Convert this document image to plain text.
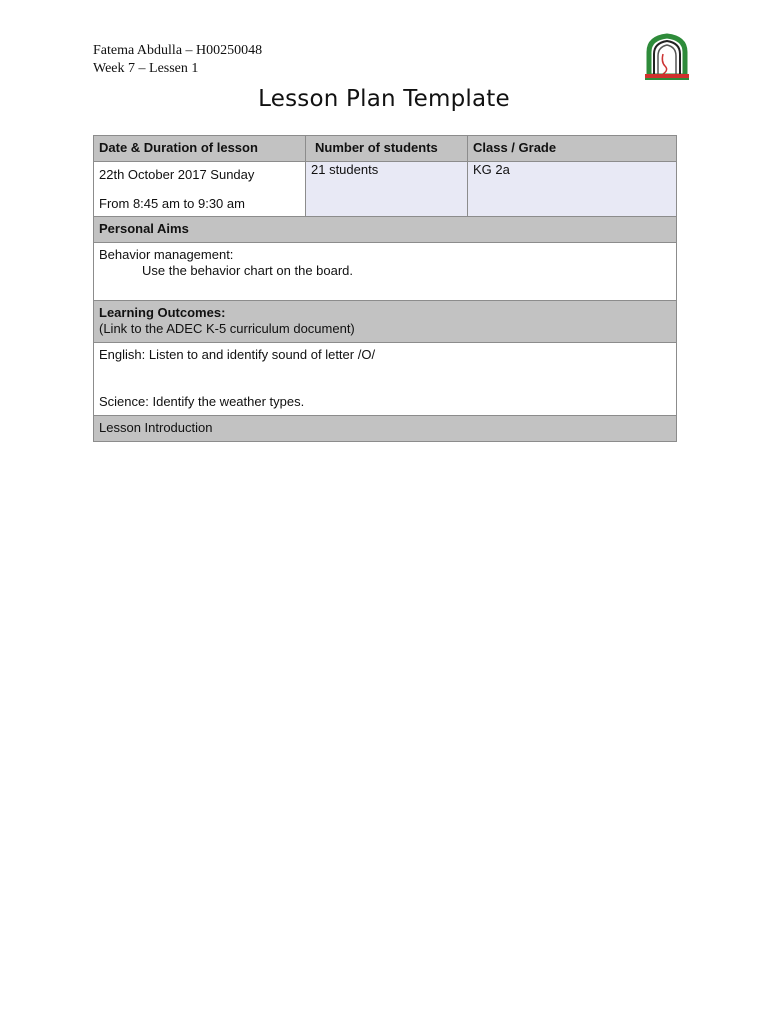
Fatema Abdulla – H00250048
Week 7 – Lessen 1
Lesson Plan Template
Date & Duration of lesson	Number of students	Class / Grade

22th October 2017 Sunday
From 8:45 am to 9:30 am	21 students	KG 2a
Personal Aims		

Behavior management:
Use the behavior chart on the board.		

Learning Outcomes:
(Link to the ADEC K-5 curriculum document)		

English: Listen to and identify sound of letter /O/
Science: Identify the weather types.		

Lesson Introduction		
